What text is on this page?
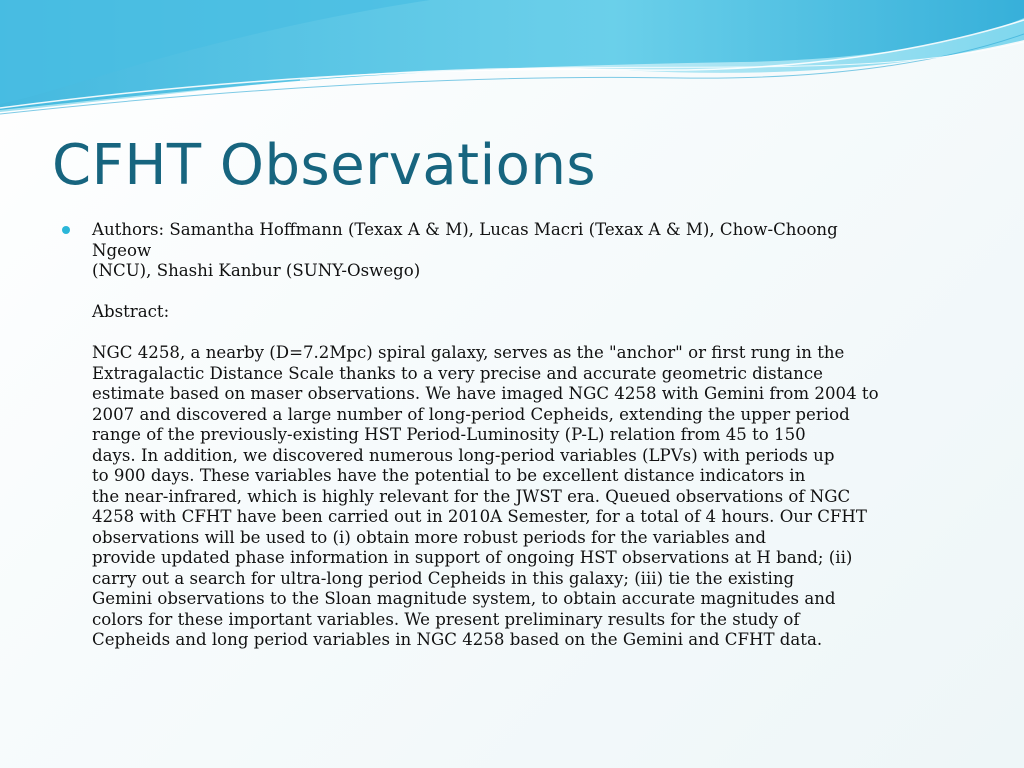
CFHT Observations
Authors: Samantha Hoffmann (Texax A & M), Lucas Macri (Texax A & M), Chow-Choong
Ngeow
(NCU), Shashi Kanbur (SUNY-Oswego)
Abstract:
NGC 4258, a nearby (D=7.2Mpc) spiral galaxy, serves as the "anchor" or first rung in the
Extragalactic Distance Scale thanks to a very precise and accurate geometric distance
estimate based on maser observations. We have imaged NGC 4258 with Gemini from 2004 to
2007 and discovered a large number of long-period Cepheids, extending the upper period
range of the previously-existing HST Period-Luminosity (P-L) relation from 45 to 150
days. In addition, we discovered numerous long-period variables (LPVs) with periods up
to 900 days. These variables have the potential to be excellent distance indicators in
the near-infrared, which is highly relevant for the JWST era. Queued observations of NGC
4258 with CFHT have been carried out in 2010A Semester, for a total of 4 hours. Our CFHT
observations will be used to (i) obtain more robust periods for the variables and
provide updated phase information in support of ongoing HST observations at H band; (ii)
carry out a search for ultra-long period Cepheids in this galaxy; (iii) tie the existing
Gemini observations to the Sloan magnitude system, to obtain accurate magnitudes and
colors for these important variables. We present preliminary results for the study of
Cepheids and long period variables in NGC 4258 based on the Gemini and CFHT data.
